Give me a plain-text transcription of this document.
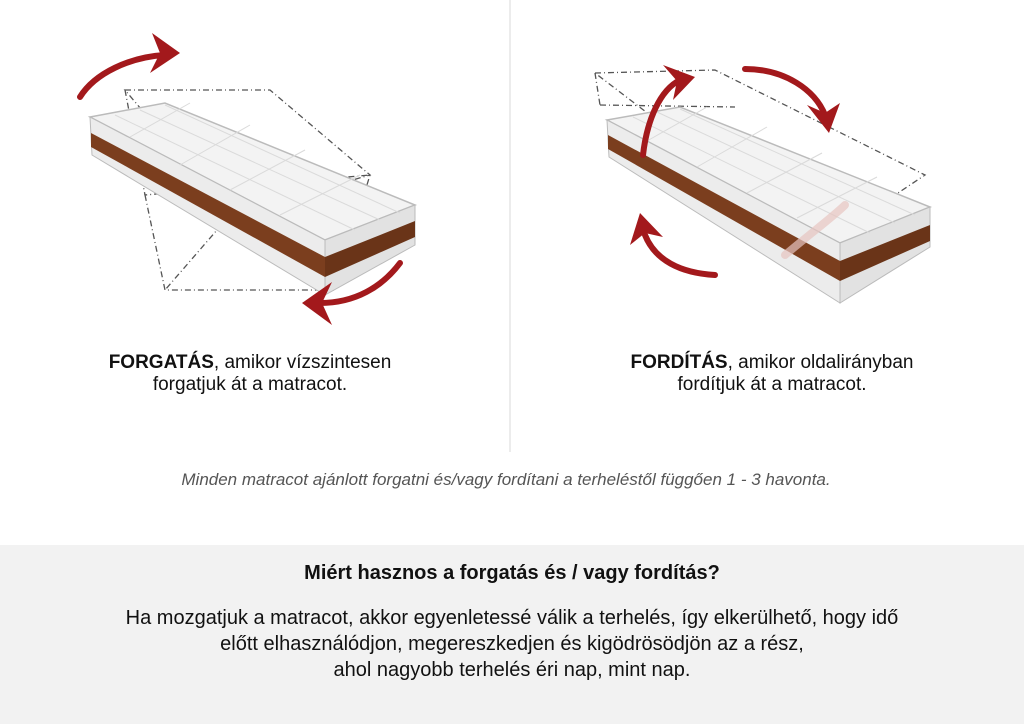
FORGATÁS, amikor vízszintesen
forgatjuk át a matracot.
FORDÍTÁS, amikor oldalirányban
fordítjuk át a matracot.
Minden matracot ajánlott forgatni és/vagy fordítani a terheléstől függően 1 - 3 havonta.
Miért hasznos a forgatás és / vagy fordítás?
Ha mozgatjuk a matracot, akkor egyenletessé válik a terhelés, így elkerülhető, hogy idő
előtt elhasználódjon, megereszkedjen és kigödrösödjön az a rész,
ahol nagyobb terhelés éri nap, mint nap.
